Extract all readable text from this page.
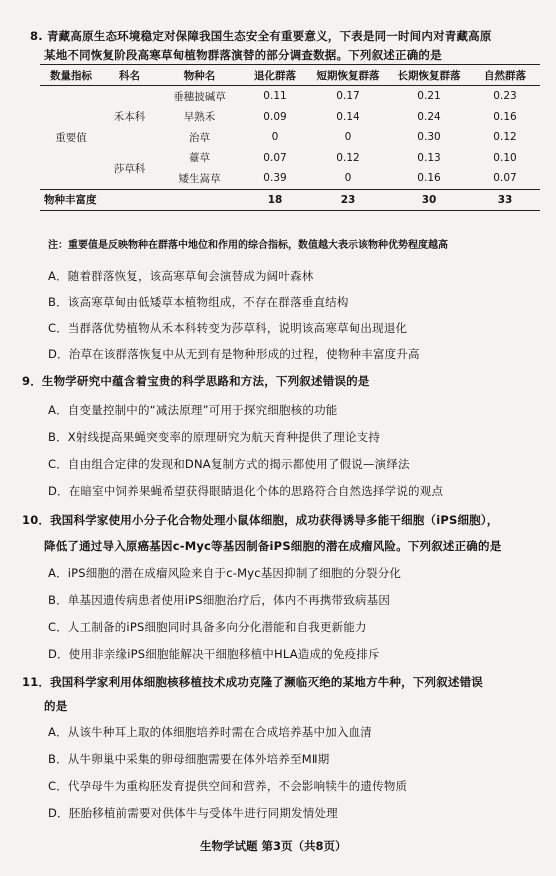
8. 青藏高原生态环境稳定对保障我国生态安全有重要意义，下表是同一时间内对青藏高原
某地不同恢复阶段高寒草甸植物群落演替的部分调查数据。下列叙述正确的是
数量指标	科名	物种名	退化群落	短期恢复群落	长期恢复群落	自然群落
重要值	禾本科	垂穗披碱草	0.11	0.17	0.21	0.23
		早熟禾	0.09	0.14	0.24	0.16
		治草	0	0	0.30	0.12
	莎草科	薹草	0.07	0.12	0.13	0.10
		矮生嵩草	0.39	0	0.16	0.07
物种丰富度			18	23	30	33
注：重要值是反映物种在群落中地位和作用的综合指标，数值越大表示该物种优势程度越高
A．随着群落恢复，该高寒草甸会演替成为阔叶森林
B．该高寒草甸由低矮草本植物组成，不存在群落垂直结构
C．当群落优势植物从禾本科转变为莎草科，说明该高寒草甸出现退化
D．治草在该群落恢复中从无到有是物种形成的过程，使物种丰富度升高
9．生物学研究中蕴含着宝贵的科学思路和方法，下列叙述错误的是
A．自变量控制中的“减法原理”可用于探究细胞核的功能
B．X射线提高果蝇突变率的原理研究为航天育种提供了理论支持
C．自由组合定律的发现和DNA复制方式的揭示都使用了假说—演绎法
D．在暗室中饲养果蝇希望获得眼睛退化个体的思路符合自然选择学说的观点
10．我国科学家使用小分子化合物处理小鼠体细胞，成功获得诱导多能干细胞（iPS细胞），
降低了通过导入原癌基因c-Myc等基因制备iPS细胞的潜在成瘤风险。下列叙述正确的是
A．iPS细胞的潜在成瘤风险来自于c-Myc基因抑制了细胞的分裂分化
B．单基因遗传病患者使用iPS细胞治疗后，体内不再携带致病基因
C．人工制备的iPS细胞同时具备多向分化潜能和自我更新能力
D．使用非亲缘iPS细胞能解决干细胞移植中HLA造成的免疫排斥
11．我国科学家利用体细胞核移植技术成功克隆了濒临灭绝的某地方牛种，下列叙述错误
的是
A．从该牛种耳上取的体细胞培养时需在合成培养基中加入血清
B．从牛卵巢中采集的卵母细胞需要在体外培养至MⅡ期
C．代孕母牛为重构胚发育提供空间和营养，不会影响犊牛的遗传物质
D．胚胎移植前需要对供体牛与受体牛进行同期发情处理
生物学试题 第3页（共8页）
